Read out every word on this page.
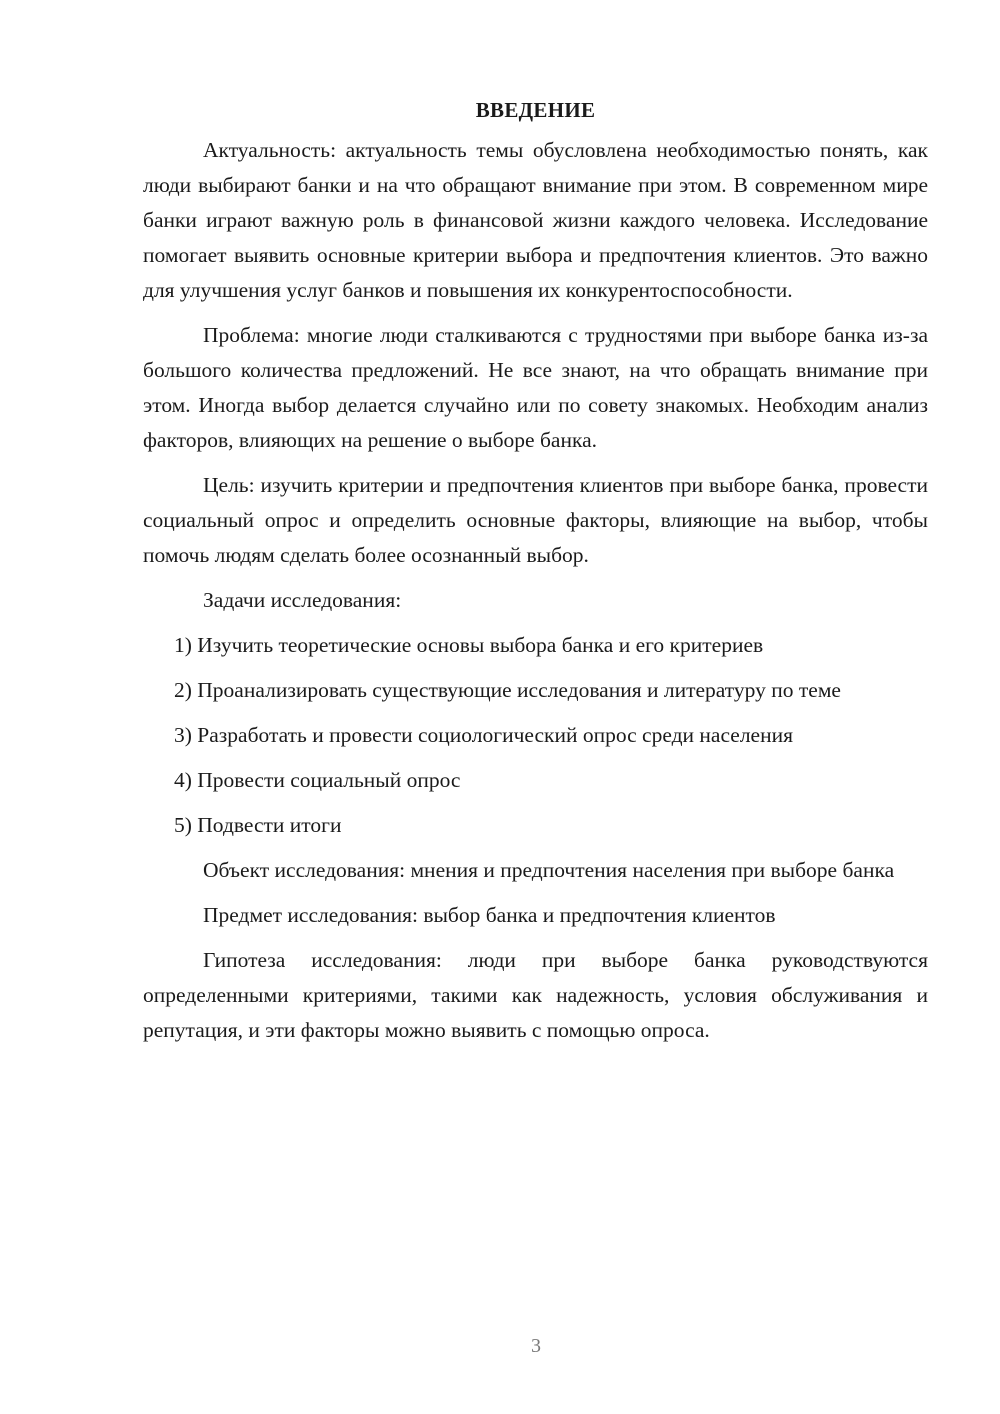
ВВЕДЕНИЕ

Актуальность: актуальность темы обусловлена необходимостью понять, как люди выбирают банки и на что обращают внимание при этом. В современном мире банки играют важную роль в финансовой жизни каждого человека. Исследование помогает выявить основные критерии выбора и предпочтения клиентов. Это важно для улучшения услуг банков и повышения их конкурентоспособности.

Проблема: многие люди сталкиваются с трудностями при выборе банка из-за большого количества предложений. Не все знают, на что обращать внимание при этом. Иногда выбор делается случайно или по совету знакомых. Необходим анализ факторов, влияющих на решение о выборе банка.

Цель: изучить критерии и предпочтения клиентов при выборе банка, провести социальный опрос и определить основные факторы, влияющие на выбор, чтобы помочь людям сделать более осознанный выбор.

Задачи исследования:

1) Изучить теоретические основы выбора банка и его критериев

2) Проанализировать существующие исследования и литературу по теме

3) Разработать и провести социологический опрос среди населения

4) Провести социальный опрос

5) Подвести итоги

Объект исследования: мнения и предпочтения населения при выборе банка

Предмет исследования: выбор банка и предпочтения клиентов

Гипотеза исследования: люди при выборе банка руководствуются определенными критериями, такими как надежность, условия обслуживания и репутация, и эти факторы можно выявить с помощью опроса.

3
